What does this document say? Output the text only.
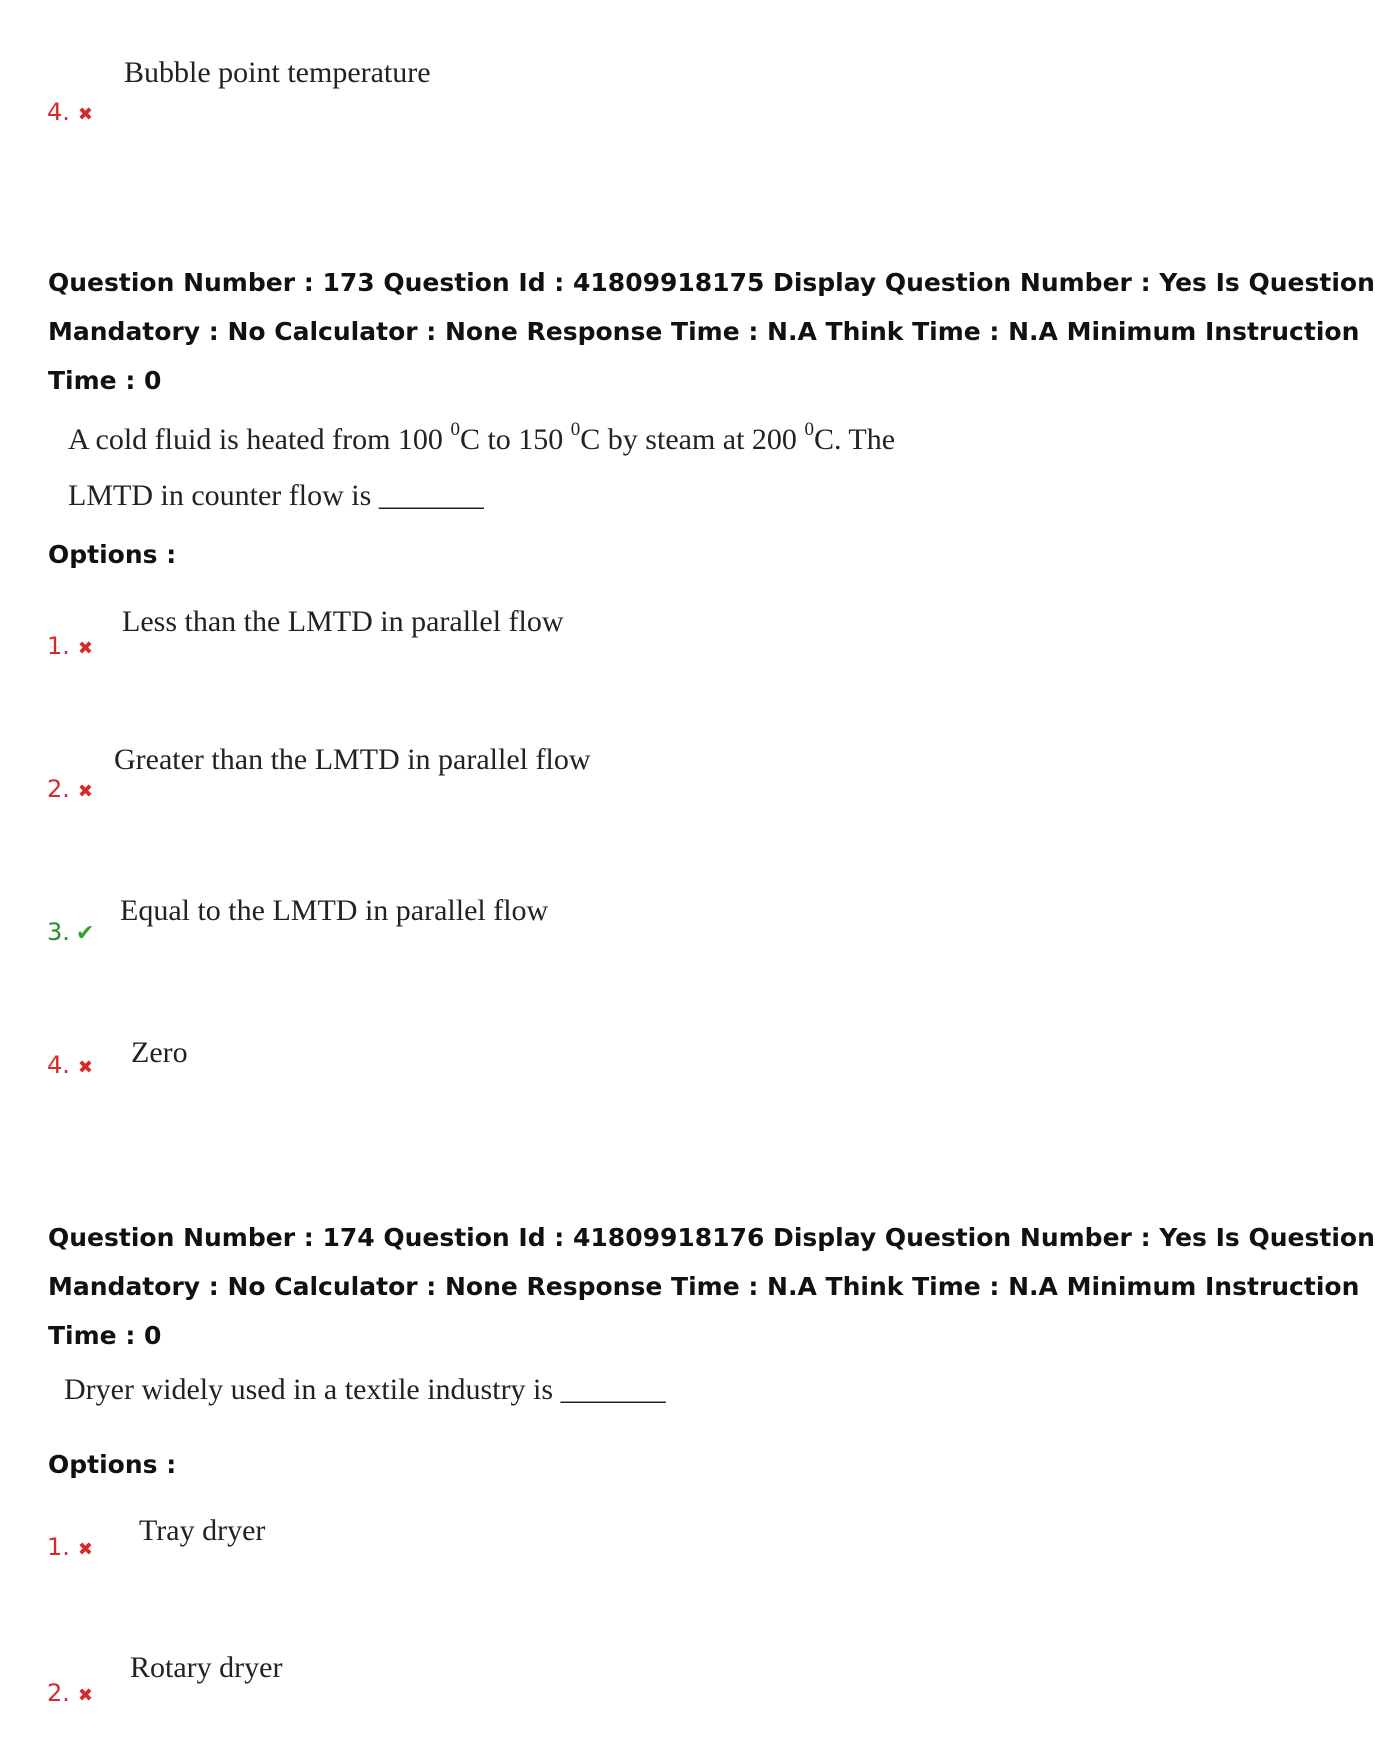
Bubble point temperature
4. ✖
Question Number : 173 Question Id : 41809918175 Display Question Number : Yes Is Question
Mandatory : No Calculator : None Response Time : N.A Think Time : N.A Minimum Instruction
Time : 0
A cold fluid is heated from 100 $^0$C to 150 $^0$C by steam at 200 $^0$C. The
LMTD in counter flow is _______
Options :
Less than the LMTD in parallel flow
1. ✖
Greater than the LMTD in parallel flow
2. ✖
Equal to the LMTD in parallel flow
3. ✔
Zero
4. ✖
Question Number : 174 Question Id : 41809918176 Display Question Number : Yes Is Question
Mandatory : No Calculator : None Response Time : N.A Think Time : N.A Minimum Instruction
Time : 0
Dryer widely used in a textile industry is _______
Options :
Tray dryer
1. ✖
Rotary dryer
2. ✖
